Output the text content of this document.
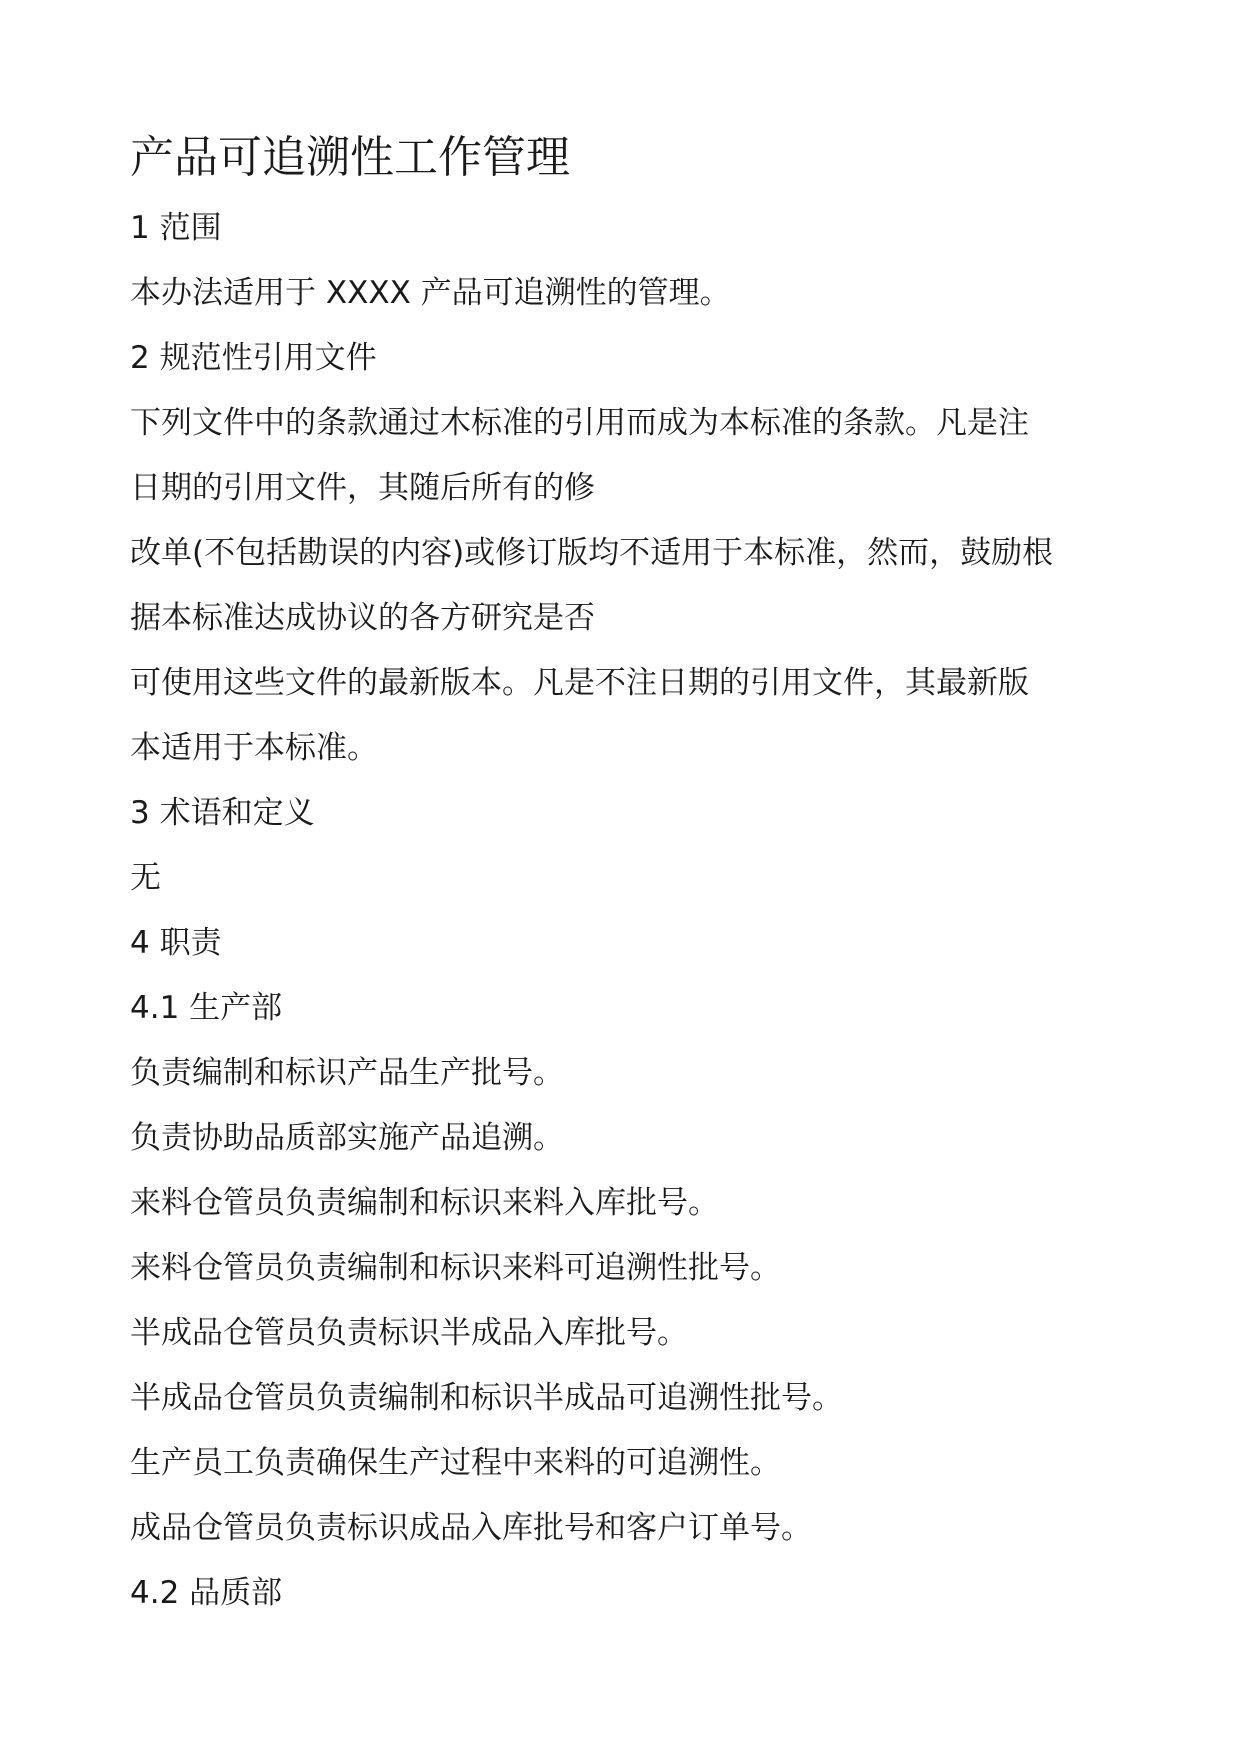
产品可追溯性工作管理

1 范围

本办法适用于 XXXX 产品可追溯性的管理。

2 规范性引用文件

下列文件中的条款通过木标准的引用而成为本标准的条款。凡是注

日期的引用文件，其随后所有的修

改单(不包括勘误的内容)或修订版均不适用于本标准，然而，鼓励根

据本标准达成协议的各方研究是否

可使用这些文件的最新版本。凡是不注日期的引用文件，其最新版

本适用于本标准。

3 术语和定义

无

4 职责

4.1 生产部

负责编制和标识产品生产批号。

负责协助品质部实施产品追溯。

来料仓管员负责编制和标识来料入库批号。

来料仓管员负责编制和标识来料可追溯性批号。

半成品仓管员负责标识半成品入库批号。

半成品仓管员负责编制和标识半成品可追溯性批号。

生产员工负责确保生产过程中来料的可追溯性。

成品仓管员负责标识成品入库批号和客户订单号。

4.2 品质部
